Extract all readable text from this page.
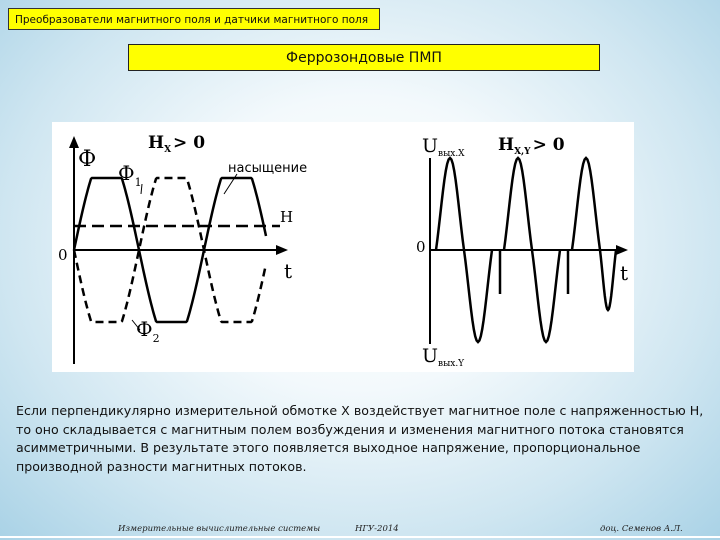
Преобразователи магнитного поля и датчики магнитного поля
Феррозондовые ПМП
Ф
$H_X > 0$
$Ф_1$
насыщение
H
0
t
$Ф_2$
$U_{вых.X}$ $H_{X,Y} > 0$
0
t
$U_{вых.Y}$
Если перпендикулярно измерительной обмотке X воздействует магнитное поле с напряженностью H, то оно складывается с магнитным полем возбуждения и изменения магнитного потока становятся асимметричными. В результате этого появляется выходное напряжение, пропорциональное производной разности магнитных потоков.
Измерительные вычислительные системы	НГУ-2014	доц. Семенов А.Л.
